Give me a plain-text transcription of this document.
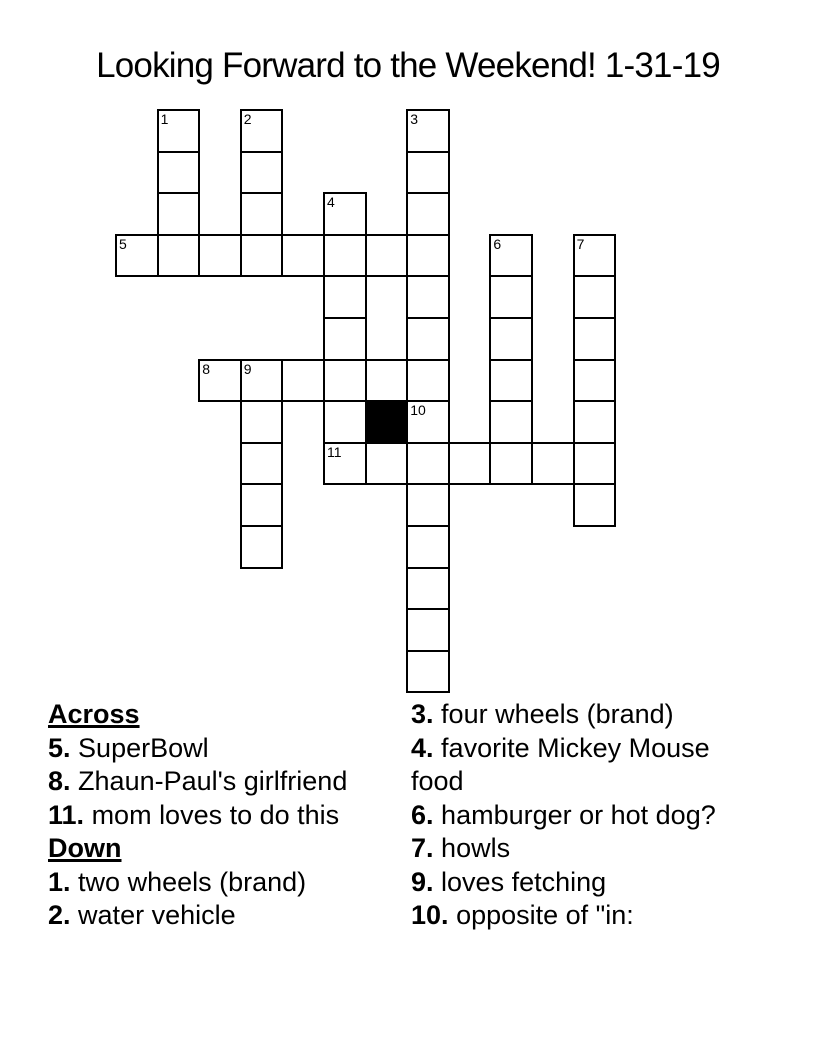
Looking Forward to the Weekend! 1-31-19
1	2	3
4
5	6	7
8 9
10
11
Across
5. SuperBowl
8. Zhaun-Paul's girlfriend
11. mom loves to do this
Down
1. two wheels (brand)
2. water vehicle
3. four wheels (brand)
4. favorite Mickey Mouse food
6. hamburger or hot dog?
7. howls
9. loves fetching
10. opposite of "in:
